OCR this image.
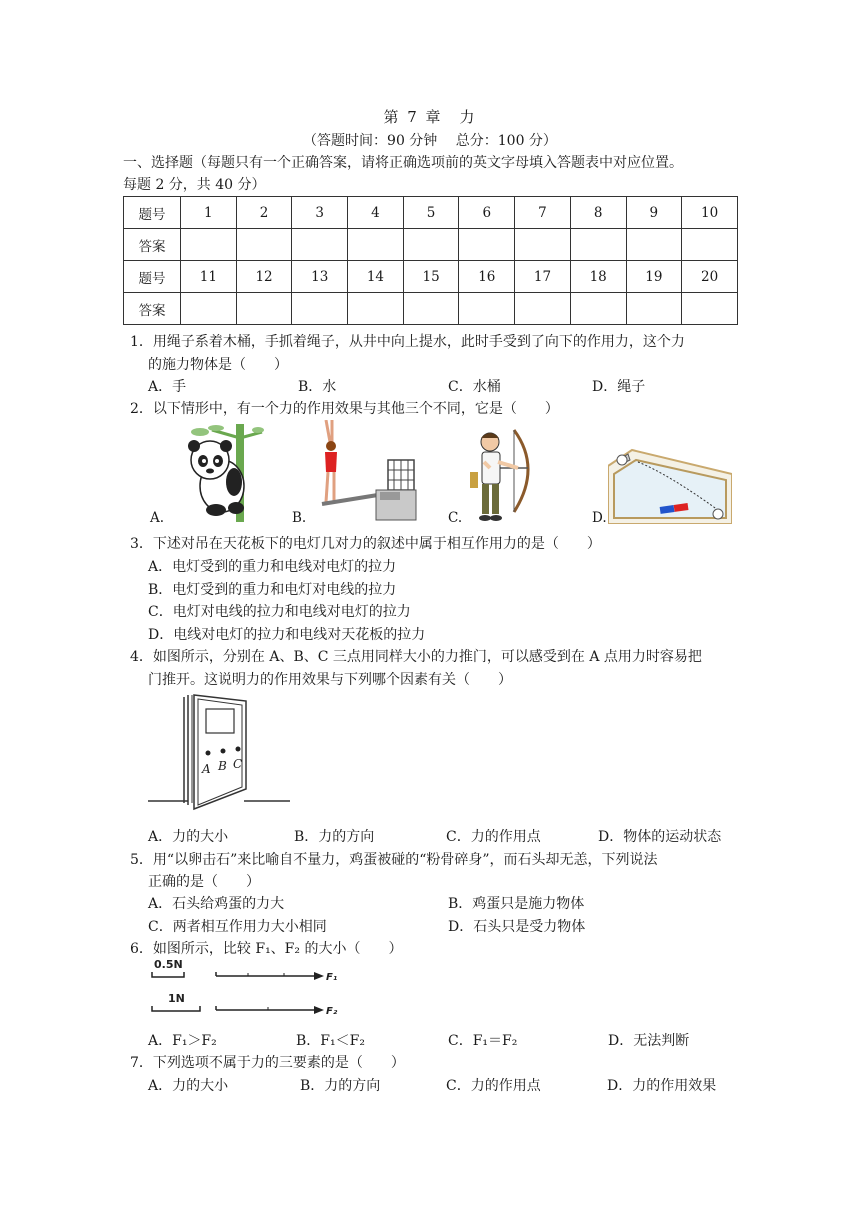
第 7 章　力
（答题时间：90 分钟　 总分：100 分）
一、选择题（每题只有一个正确答案，请将正确选项前的英文字母填入答题表中对应位置。
每题 2 分，共 40 分）
题号	1	2	3	4	5	6	7	8	9	10
答案										
题号	11	12	13	14	15	16	17	18	19	20
答案										
1．用绳子系着木桶，手抓着绳子，从井中向上提水，此时手受到了向下的作用力，这个力
的施力物体是（　　）
A．手	B．水	C．水桶	D．绳子
2．以下情形中，有一个力的作用效果与其他三个不同，它是（　　）
A.	B.	C.	D.
3．下述对吊在天花板下的电灯几对力的叙述中属于相互作用力的是（　　）
A．电灯受到的重力和电线对电灯的拉力
B．电灯受到的重力和电灯对电线的拉力
C．电灯对电线的拉力和电线对电灯的拉力
D．电线对电灯的拉力和电线对天花板的拉力
4．如图所示，分别在 A、B、C 三点用同样大小的力推门，可以感受到在 A 点用力时容易把
门推开。这说明力的作用效果与下列哪个因素有关（　　）
A B C
A．力的大小	B．力的方向	C．力的作用点	D．物体的运动状态
5．用“以卵击石”来比喻自不量力，鸡蛋被碰的“粉骨碎身”，而石头却无恙，下列说法
正确的是（　　）
A．石头给鸡蛋的力大	B．鸡蛋只是施力物体
C．两者相互作用力大小相同	D．石头只是受力物体
6．如图所示，比较 F₁、F₂ 的大小（　　）
0.5N
F₁
1N
F₂
A．F₁＞F₂	B．F₁＜F₂	C．F₁＝F₂	D．无法判断
7．下列选项不属于力的三要素的是（　　）
A．力的大小	B．力的方向	C．力的作用点	D．力的作用效果
